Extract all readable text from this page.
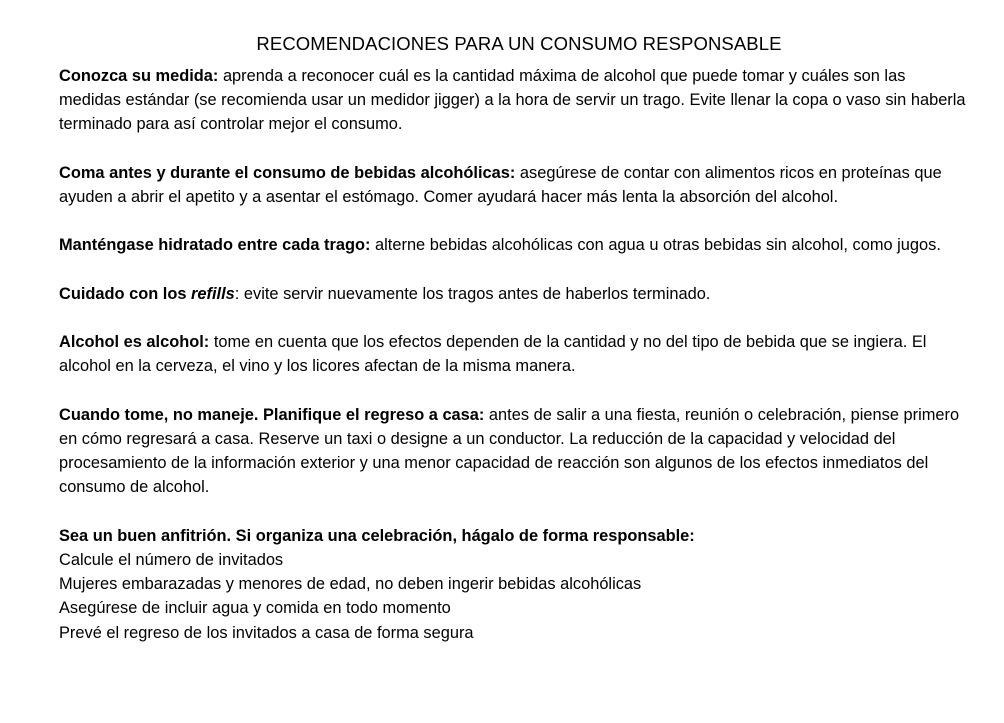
RECOMENDACIONES PARA UN CONSUMO RESPONSABLE

Conozca su medida: aprenda a reconocer cuál es la cantidad máxima de alcohol que puede tomar y cuáles son las medidas estándar (se recomienda usar un medidor jigger) a la hora de servir un trago. Evite llenar la copa o vaso sin haberla terminado para así controlar mejor el consumo.

Coma antes y durante el consumo de bebidas alcohólicas: asegúrese de contar con alimentos ricos en proteínas que ayuden a abrir el apetito y a asentar el estómago. Comer ayudará hacer más lenta la absorción del alcohol.

Manténgase hidratado entre cada trago: alterne bebidas alcohólicas con agua u otras bebidas sin alcohol, como jugos.

Cuidado con los refills: evite servir nuevamente los tragos antes de haberlos terminado.

Alcohol es alcohol: tome en cuenta que los efectos dependen de la cantidad y no del tipo de bebida que se ingiera. El alcohol en la cerveza, el vino y los licores afectan de la misma manera.

Cuando tome, no maneje. Planifique el regreso a casa: antes de salir a una fiesta, reunión o celebración, piense primero en cómo regresará a casa. Reserve un taxi o designe a un conductor. La reducción de la capacidad y velocidad del procesamiento de la información exterior y una menor capacidad de reacción son algunos de los efectos inmediatos del consumo de alcohol.

Sea un buen anfitrión. Si organiza una celebración, hágalo de forma responsable:
Calcule el número de invitados
Mujeres embarazadas y menores de edad, no deben ingerir bebidas alcohólicas
Asegúrese de incluir agua y comida en todo momento
Prevé el regreso de los invitados a casa de forma segura
